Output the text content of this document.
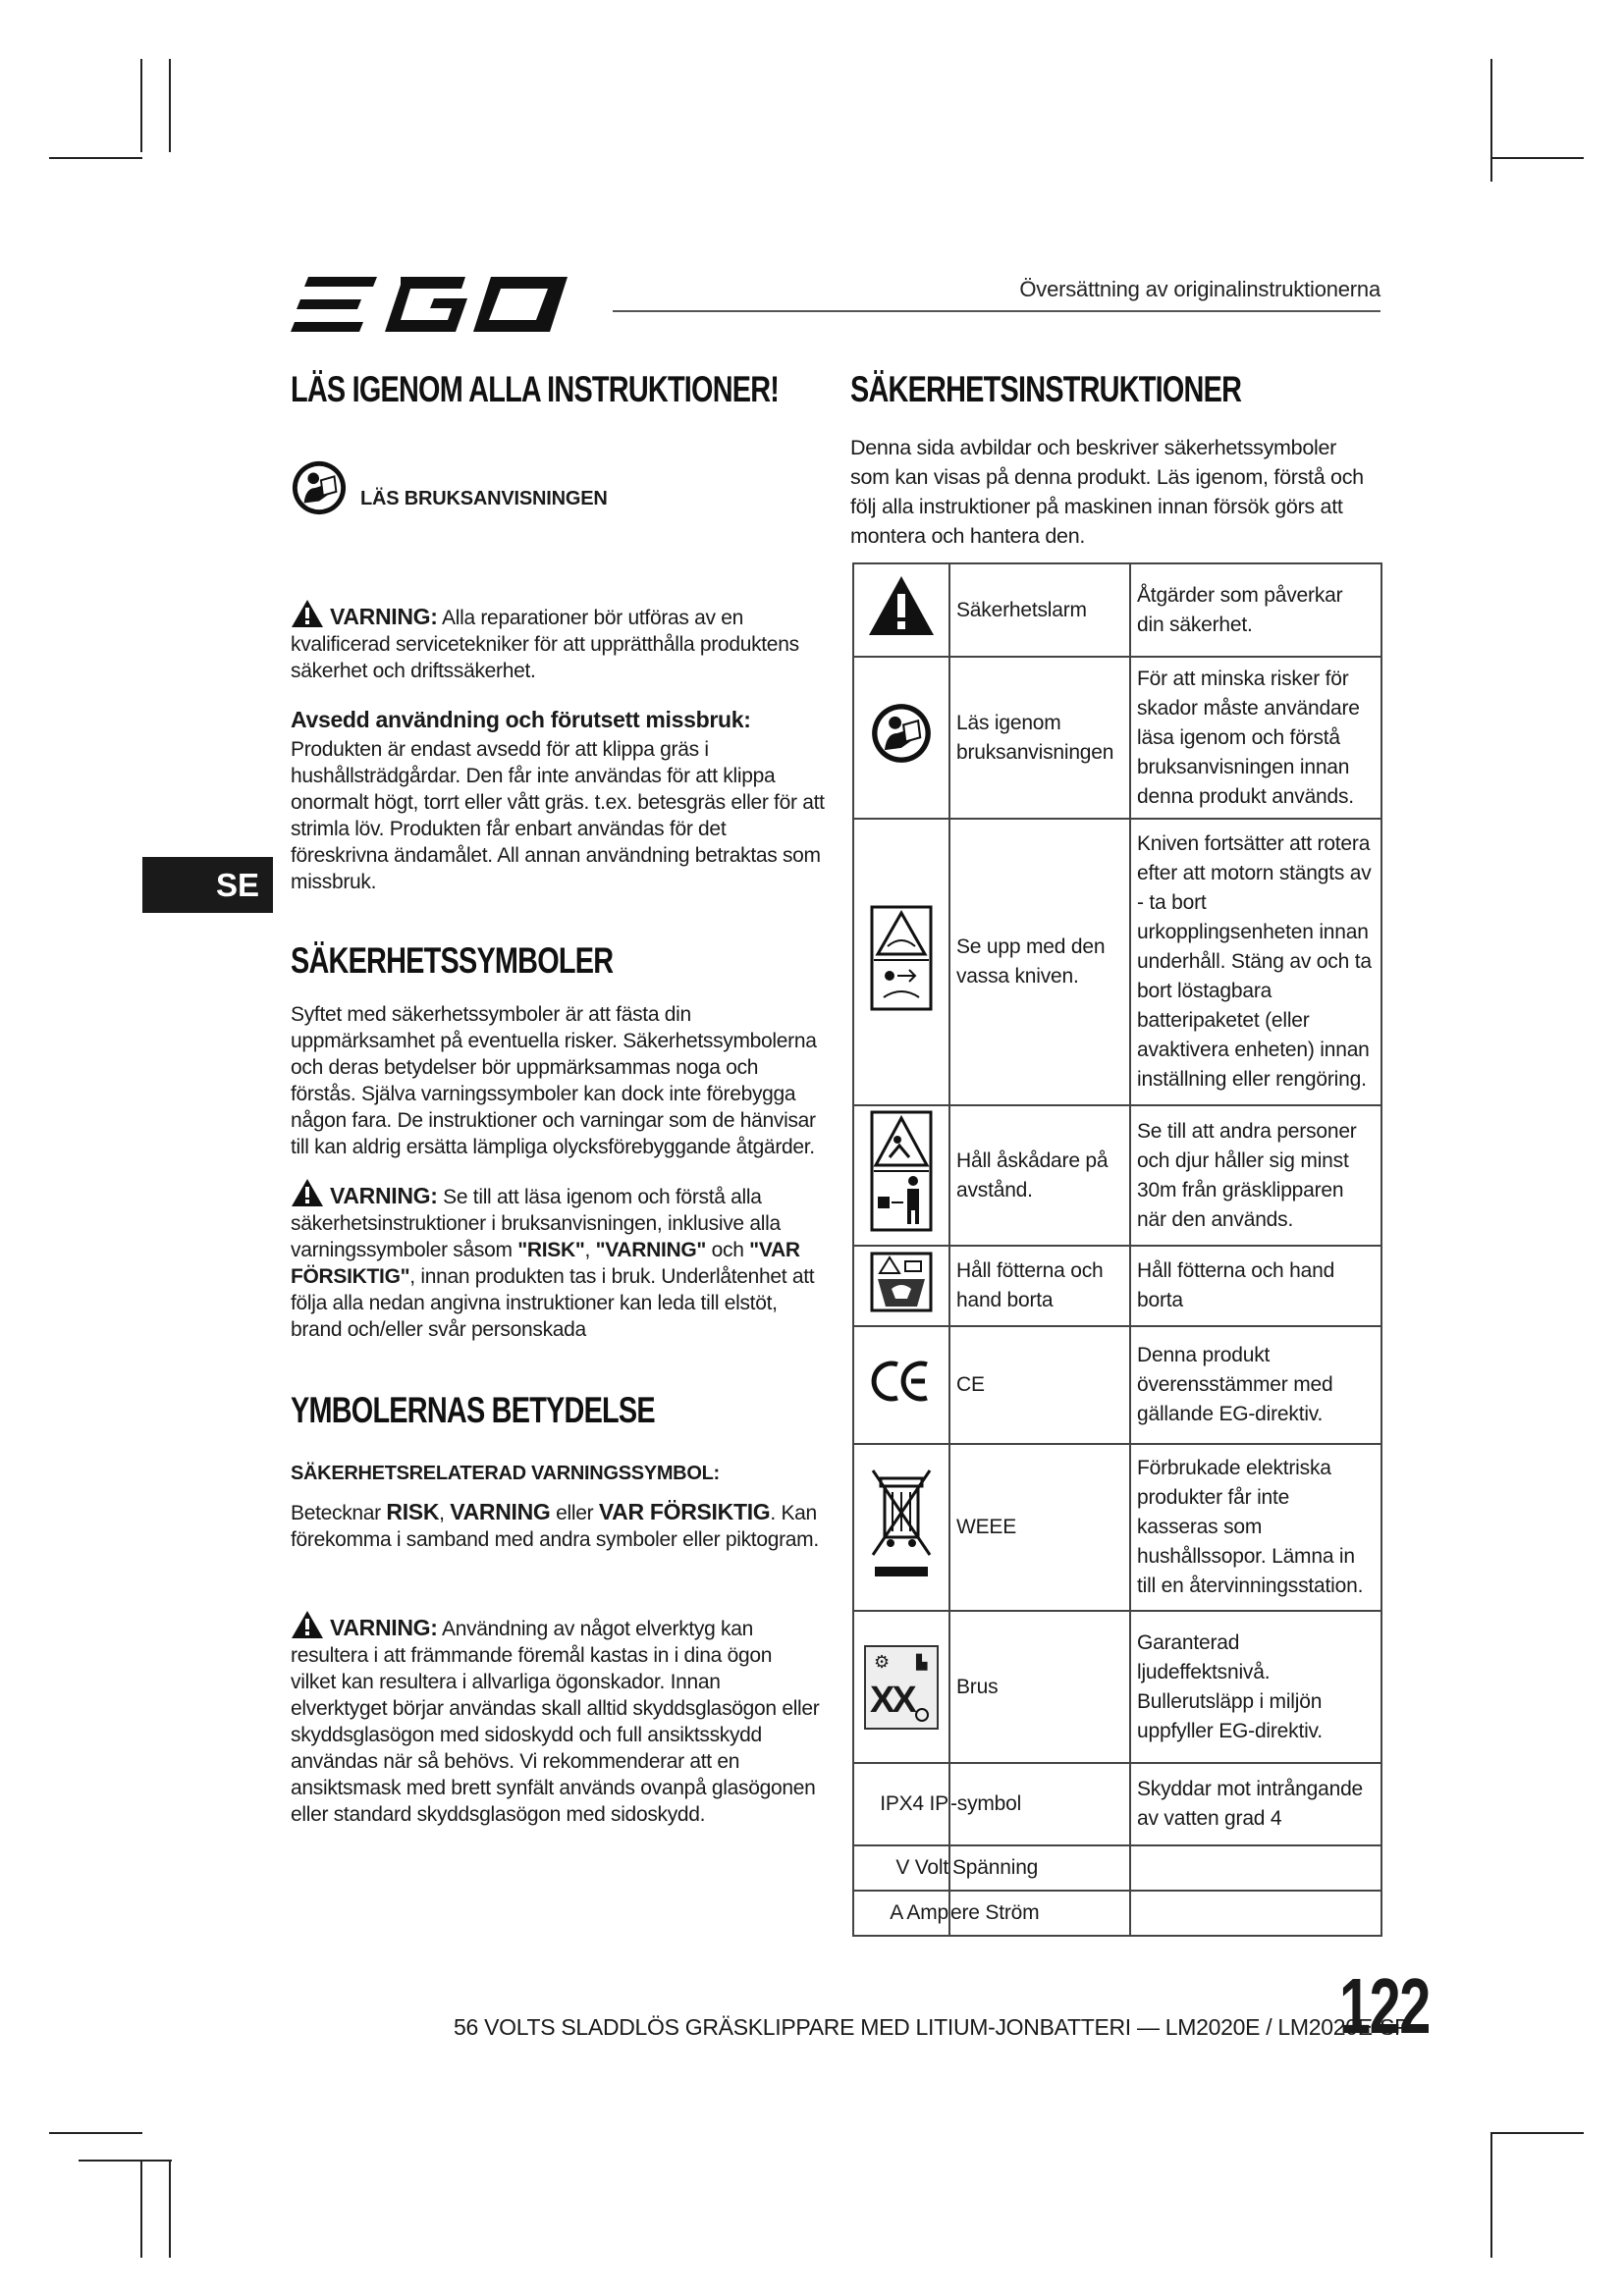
Översättning av originalinstruktionerna
LÄS IGENOM ALLA INSTRUKTIONER!
LÄS BRUKSANVISNINGEN
VARNING: Alla reparationer bör utföras av en kvalificerad servicetekniker för att upprätthålla produktens säkerhet och driftssäkerhet.
Avsedd användning och förutsett missbruk:
Produkten är endast avsedd för att klippa gräs i hushållsträdgårdar. Den får inte användas för att klippa onormalt högt, torrt eller vått gräs. t.ex. betesgräs eller för att strimla löv. Produkten får enbart användas för det föreskrivna ändamålet. All annan användning betraktas som missbruk.
SE
SÄKERHETSSYMBOLER
Syftet med säkerhetssymboler är att fästa din uppmärksamhet på eventuella risker. Säkerhetssymbolerna och deras betydelser bör uppmärksammas noga och förstås. Själva varningssymboler kan dock inte förebygga någon fara. De instruktioner och varningar som de hänvisar till kan aldrig ersätta lämpliga olycksförebyggande åtgärder.
VARNING: Se till att läsa igenom och förstå alla säkerhetsinstruktioner i bruksanvisningen, inklusive alla varningssymboler såsom "RISK", "VARNING" och "VAR FÖRSIKTIG", innan produkten tas i bruk. Underlåtenhet att följa alla nedan angivna instruktioner kan leda till elstöt, brand och/eller svår personskada
YMBOLERNAS BETYDELSE
SÄKERHETSRELATERAD VARNINGSSYMBOL:
Betecknar RISK, VARNING eller VAR FÖRSIKTIG. Kan förekomma i samband med andra symboler eller piktogram.
VARNING: Användning av något elverktyg kan resultera i att främmande föremål kastas in i dina ögon vilket kan resultera i allvarliga ögonskador. Innan elverktyget börjar användas skall alltid skyddsglasögon eller skyddsglasögon med sidoskydd och full ansiktsskydd användas när så behövs. Vi rekommenderar att en ansiktsmask med brett synfält används ovanpå glasögonen eller standard skyddsglasögon med sidoskydd.
SÄKERHETSINSTRUKTIONER
Denna sida avbildar och beskriver säkerhetssymboler som kan visas på denna produkt. Läs igenom, förstå och följ alla instruktioner på maskinen innan försök görs att montera och hantera den.
	Säkerhetslarm	Åtgärder som påverkar din säkerhet.
	Läs igenom bruksanvisningen	För att minska risker för skador måste användare läsa igenom och förstå bruksanvisningen innan denna produkt används.
	Se upp med den vassa kniven.	Kniven fortsätter att rotera efter att motorn stängts av - ta bort urkopplingsenheten innan underhåll. Stäng av och ta bort löstagbara batteripaketet (eller avaktivera enheten) innan inställning eller rengöring.
	Håll åskådare på avstånd.	Se till att andra personer och djur håller sig minst 30m från gräsklipparen när den används.
	Håll fötterna och hand borta	Håll fötterna och hand borta
	CE	Denna produkt överensstämmer med gällande EG-direktiv.
	WEEE	Förbrukade elektriska produkter får inte kasseras som hushållssopor. Lämna in till en återvinningsstation.

⚙ ▙
XX	Brus	Garanterad ljudeffektsnivå. Bullerutsläpp i miljön uppfyller EG-direktiv.
IPX4 IP	-symbol	Skyddar mot intrångande av vatten grad 4
V Volt	Spänning	
A Amp	ere Ström	
56 VOLTS SLADDLÖS GRÄSKLIPPARE MED LITIUM-JONBATTERI — LM2020E / LM2020E-SP
122
